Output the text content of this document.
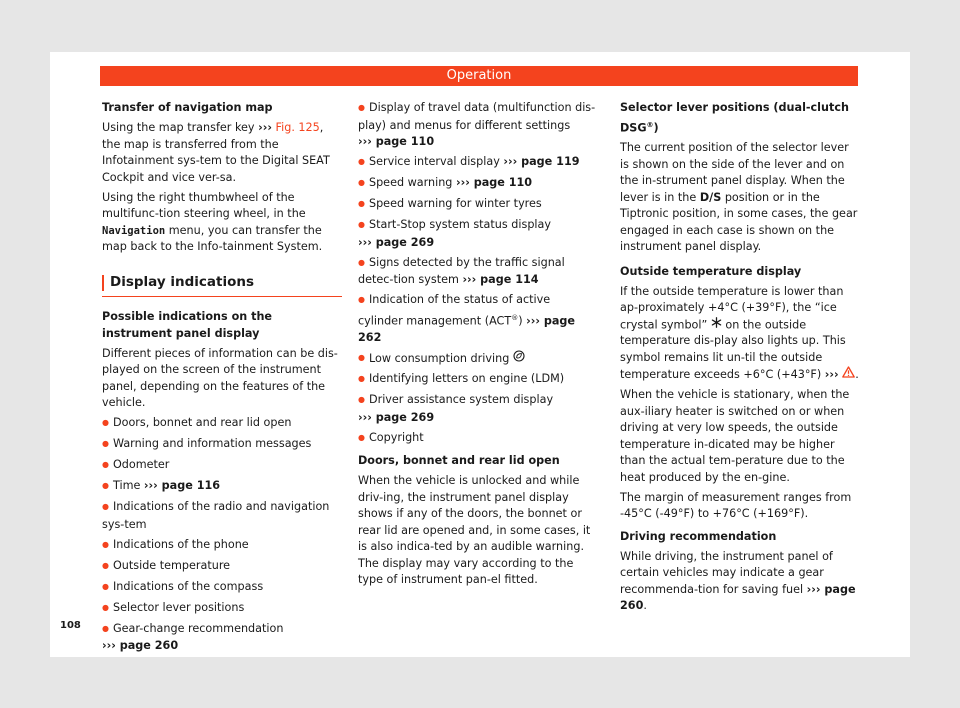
Operation

Transfer of navigation map

Using the map transfer key ››› Fig. 125, the map is transferred from the Infotainment sys-tem to the Digital SEAT Cockpit and vice ver-sa.

Using the right thumbwheel of the multifunc-tion steering wheel, in the Navigation menu, you can transfer the map back to the Info-tainment System.

Display indications

Possible indications on the instrument panel display

Different pieces of information can be dis-played on the screen of the instrument panel, depending on the features of the vehicle.

● Doors, bonnet and rear lid open

● Warning and information messages

● Odometer

● Time ››› page 116

● Indications of the radio and navigation sys-tem

● Indications of the phone

● Outside temperature

● Indications of the compass

● Selector lever positions

● Gear-change recommendation
››› page 260

● Display of travel data (multifunction dis-play) and menus for different settings
››› page 110

● Service interval display ››› page 119

● Speed warning ››› page 110

● Speed warning for winter tyres

● Start-Stop system status display
››› page 269

● Signs detected by the traffic signal detec-tion system ››› page 114

● Indication of the status of active cylinder management (ACT®) ››› page 262

● Low consumption driving

● Identifying letters on engine (LDM)

● Driver assistance system display
››› page 269

● Copyright

Doors, bonnet and rear lid open

When the vehicle is unlocked and while driv-ing, the instrument panel display shows if any of the doors, the bonnet or rear lid are opened and, in some cases, it is also indica-ted by an audible warning. The display may vary according to the type of instrument pan-el fitted.

Selector lever positions (dual-clutch DSG®)

The current position of the selector lever is shown on the side of the lever and on the in-strument panel display. When the lever is in the D/S position or in the Tiptronic position, in some cases, the gear engaged in each case is shown on the instrument panel display.

Outside temperature display

If the outside temperature is lower than ap-proximately +4°C (+39°F), the “ice crystal symbol”  on the outside temperature dis-play also lights up. This symbol remains lit un-til the outside temperature exceeds +6°C (+43°F) ››› .

When the vehicle is stationary, when the aux-iliary heater is switched on or when driving at very low speeds, the outside temperature in-dicated may be higher than the actual tem-perature due to the heat produced by the en-gine.

The margin of measurement ranges from -45°C (-49°F) to +76°C (+169°F).

Driving recommendation

While driving, the instrument panel of certain vehicles may indicate a gear recommenda-tion for saving fuel ››› page 260.

108
